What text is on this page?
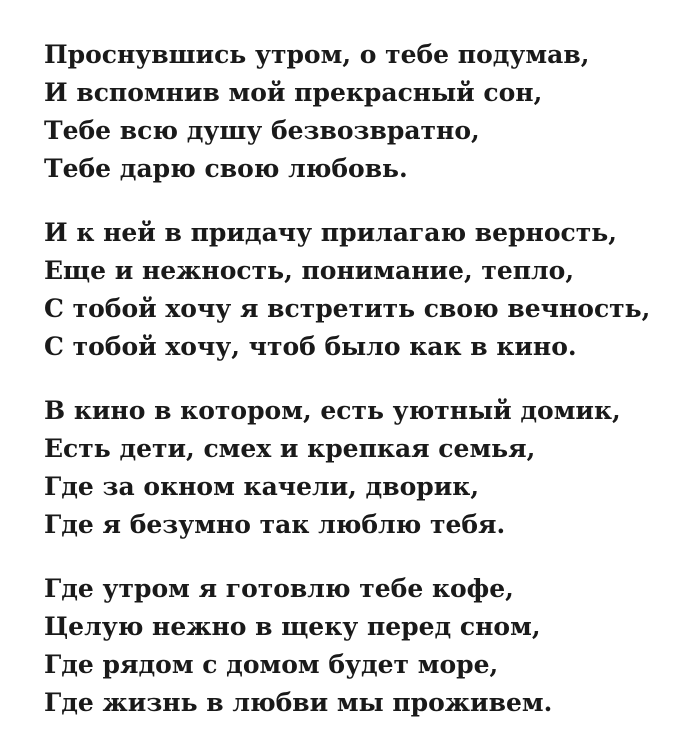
Проснувшись утром, о тебе подумав,
И вспомнив мой прекрасный сон,
Тебе всю душу безвозвратно,
Тебе дарю свою любовь.
И к ней в придачу прилагаю верность,
Еще и нежность, понимание, тепло,
С тобой хочу я встретить свою вечность,
С тобой хочу, чтоб было как в кино.
В кино в котором, есть уютный домик,
Есть дети, смех и крепкая семья,
Где за окном качели, дворик,
Где я безумно так люблю тебя.
Где утром я готовлю тебе кофе,
Целую нежно в щеку перед сном,
Где рядом с домом будет море,
Где жизнь в любви мы проживем.
